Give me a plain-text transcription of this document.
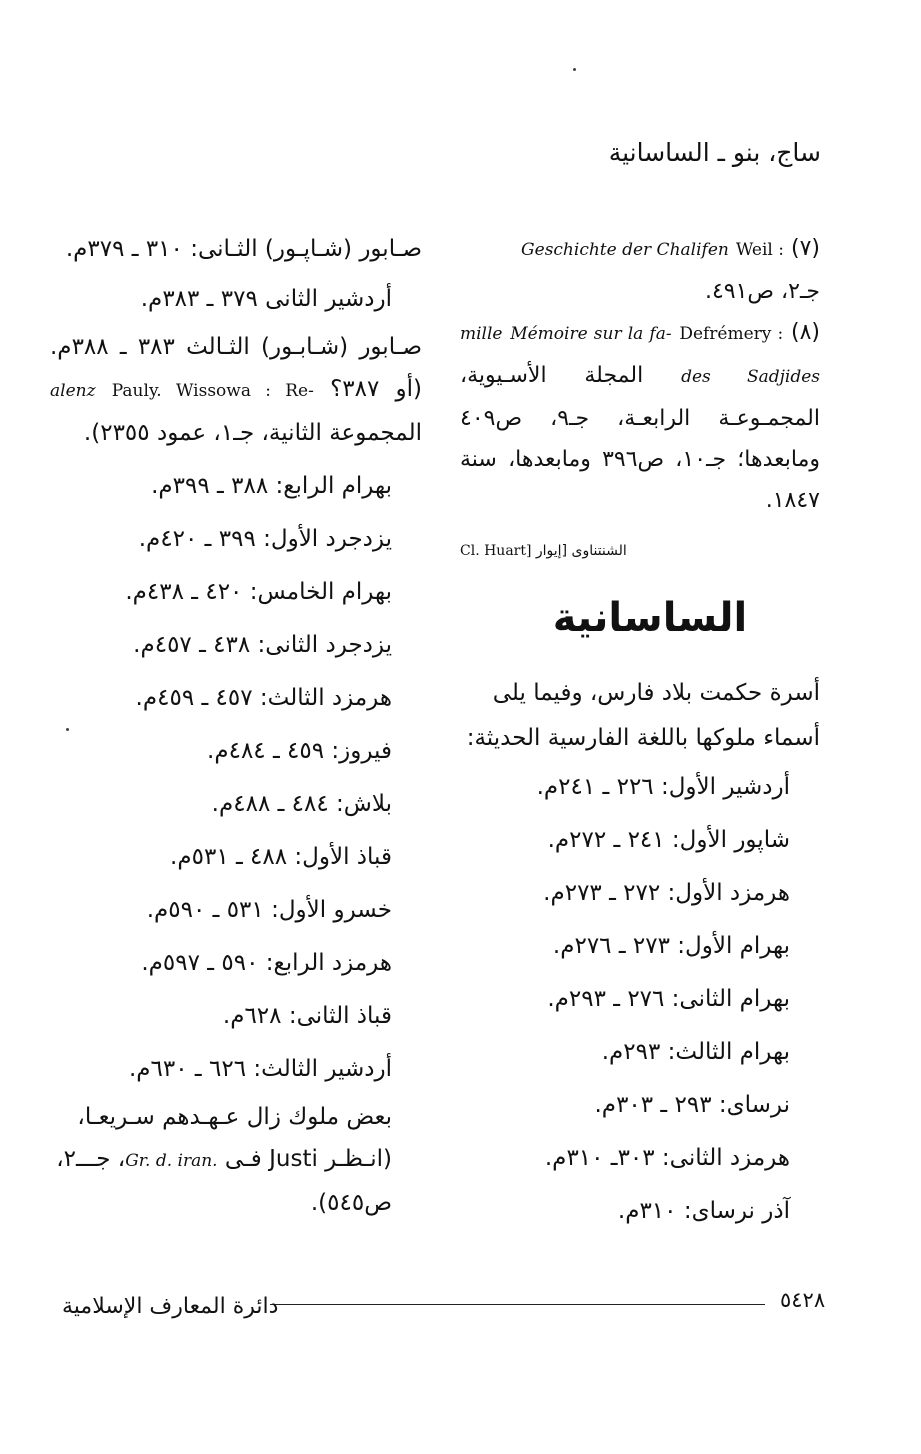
ساج، بنو ـ الساسانية
(٧) Weil : Geschichte der Chalifen
جـ٢، ص٤٩١.
(٨) Defrémery : Mémoire sur la fa- mille des Sadjides المجلة الأسـيوية، المجمـوعـة الرابعـة، جـ٩، ص٤٠٩ ومابعدها؛ جـ١٠، ص٣٩٦ ومابعدها، سنة ١٨٤٧.
الشنتناوى [إيوار Cl. Huart]
الساسانية
أسرة حكمت بلاد فارس، وفيما يلى أسماء ملوكها باللغة الفارسية الحديثة:
أردشير الأول: ٢٢٦ ـ ٢٤١م.
شاپور الأول: ٢٤١ ـ ٢٧٢م.
هرمزد الأول: ٢٧٢ ـ ٢٧٣م.
بهرام الأول: ٢٧٣ ـ ٢٧٦م.
بهرام الثانى: ٢٧٦ ـ ٢٩٣م.
بهرام الثالث: ٢٩٣م.
نرساى: ٢٩٣ ـ ٣٠٣م.
هرمزد الثانى: ٣٠٣ـ ٣١٠م.
آذر نرساى: ٣١٠م.
صـابور (شـاپـور) الثـانى: ٣١٠ ـ ٣٧٩م.
أردشير الثانى ٣٧٩ ـ ٣٨٣م.
صـابور (شـابـور) الثـالث ٣٨٣ ـ ٣٨٨م. (أو ٣٨٧؟ Pauly. Wissowa : Re- alenz المجموعة الثانية، جـ١، عمود ٢٣٥٥).
بهرام الرابع: ٣٨٨ ـ ٣٩٩م.
يزدجرد الأول: ٣٩٩ ـ ٤٢٠م.
بهرام الخامس: ٤٢٠ ـ ٤٣٨م.
يزدجرد الثانى: ٤٣٨ ـ ٤٥٧م.
هرمزد الثالث: ٤٥٧ ـ ٤٥٩م.
فيروز: ٤٥٩ ـ ٤٨٤م.
بلاش: ٤٨٤ ـ ٤٨٨م.
قباذ الأول: ٤٨٨ ـ ٥٣١م.
خسرو الأول: ٥٣١ ـ ٥٩٠م.
هرمزد الرابع: ٥٩٠ ـ ٥٩٧م.
قباذ الثانى: ٦٢٨م.
أردشير الثالث: ٦٢٦ ـ ٦٣٠م.
بعض ملوك زال عـهـدهم سـريعـا،
(انـظـر Justi فـى Gr. d. iran.، جـــ٢،
ص٥٤٥).
٥٤٢٨
دائرة المعارف الإسلامية
